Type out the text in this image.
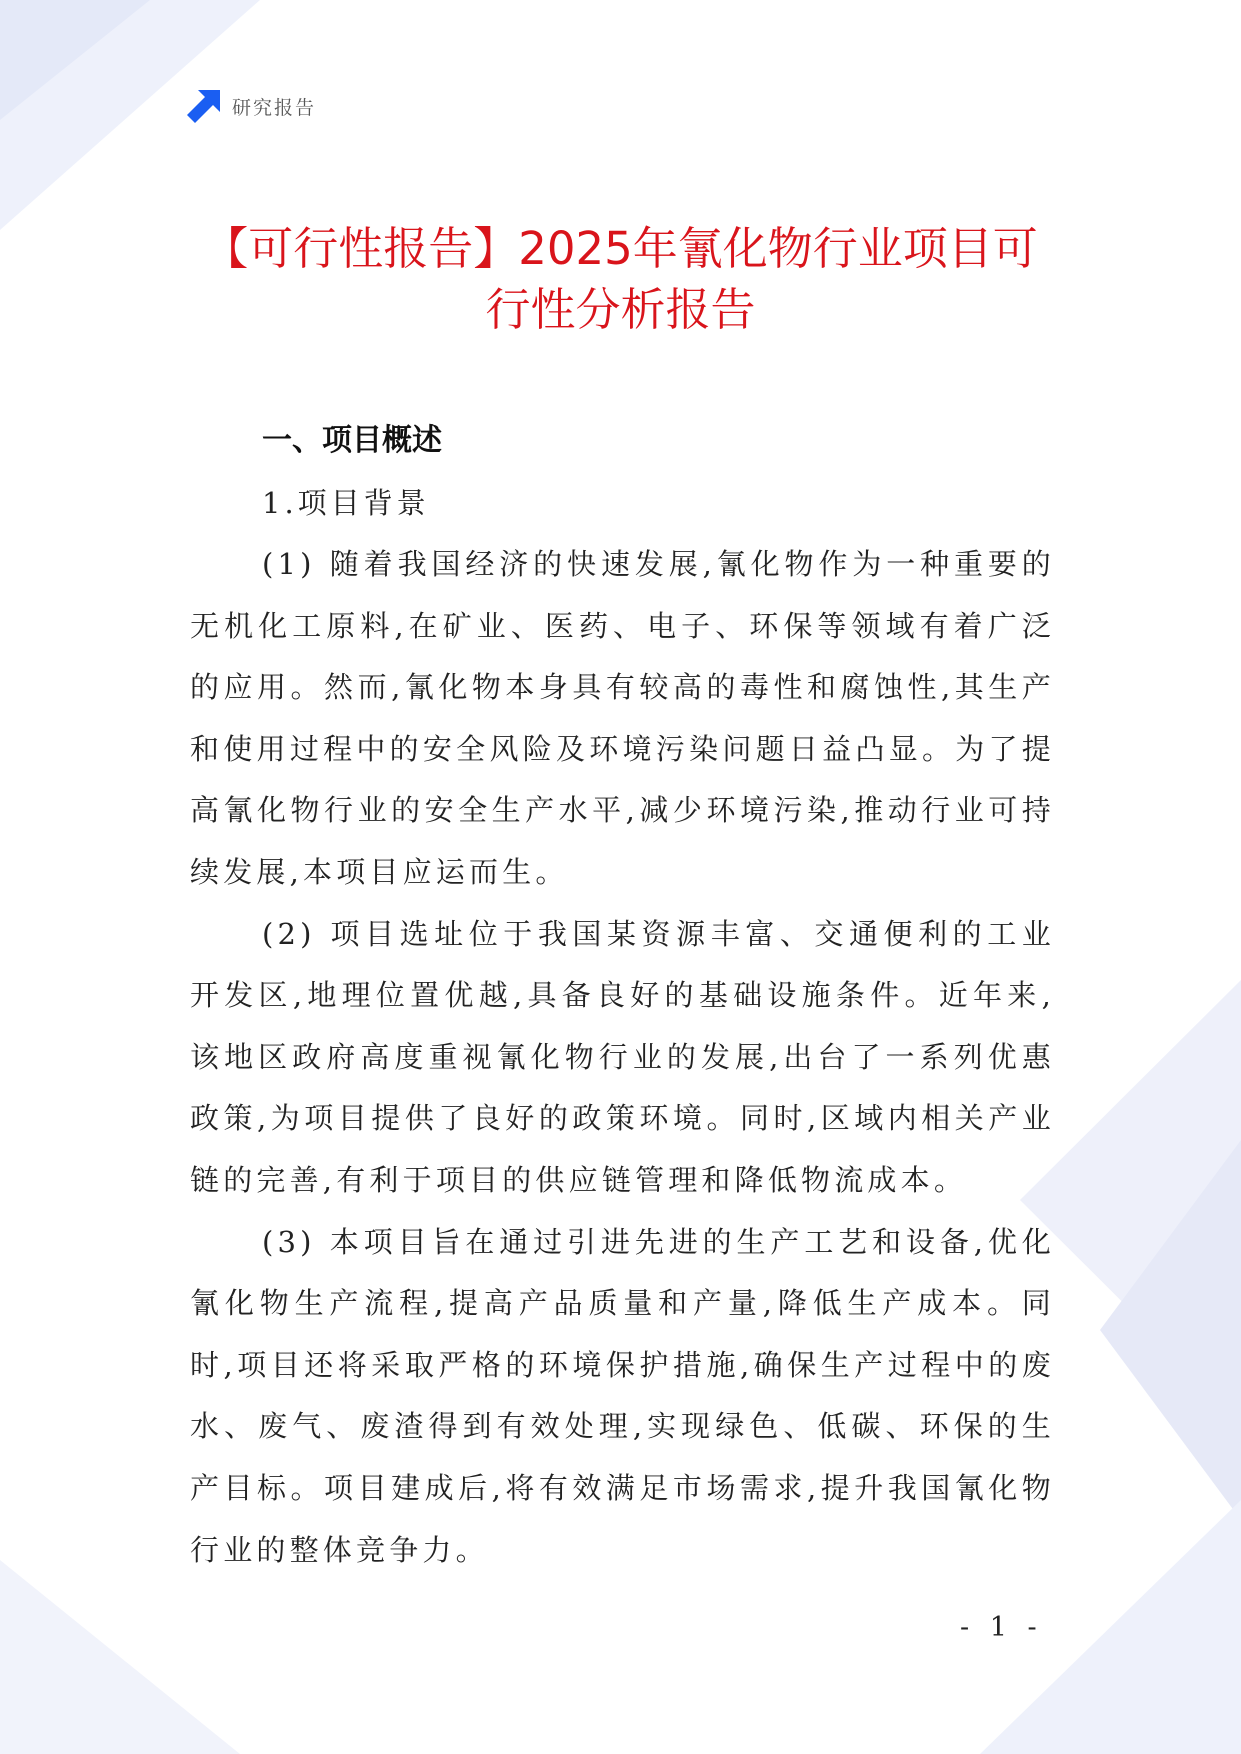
研究报告
【可行性报告】2025年氰化物行业项目可行性分析报告
一、项目概述
1.项目背景

(1) 随着我国经济的快速发展,氰化物作为一种重要的无机化工原料,在矿业、医药、电子、环保等领域有着广泛的应用。然而,氰化物本身具有较高的毒性和腐蚀性,其生产和使用过程中的安全风险及环境污染问题日益凸显。为了提高氰化物行业的安全生产水平,减少环境污染,推动行业可持续发展,本项目应运而生。

(2) 项目选址位于我国某资源丰富、交通便利的工业开发区,地理位置优越,具备良好的基础设施条件。近年来,该地区政府高度重视氰化物行业的发展,出台了一系列优惠政策,为项目提供了良好的政策环境。同时,区域内相关产业链的完善,有利于项目的供应链管理和降低物流成本。

(3) 本项目旨在通过引进先进的生产工艺和设备,优化氰化物生产流程,提高产品质量和产量,降低生产成本。同时,项目还将采取严格的环境保护措施,确保生产过程中的废水、废气、废渣得到有效处理,实现绿色、低碳、环保的生产目标。项目建成后,将有效满足市场需求,提升我国氰化物行业的整体竞争力。

- 1 -
